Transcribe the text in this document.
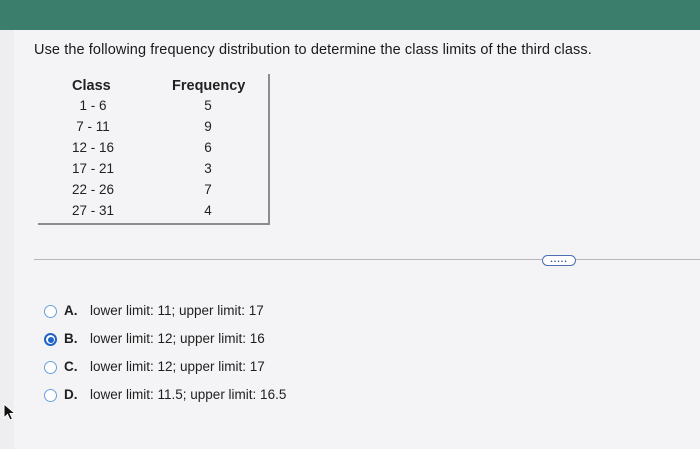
Use the following frequency distribution to determine the class limits of the third class.
Class	Frequency
1 - 6	5
7 - 11	9
12 - 16	6
17 - 21	3
22 - 26	7
27 - 31	4
.....
A. lower limit: 11; upper limit: 17
B. lower limit: 12; upper limit: 16
C. lower limit: 12; upper limit: 17
D. lower limit: 11.5; upper limit: 16.5
